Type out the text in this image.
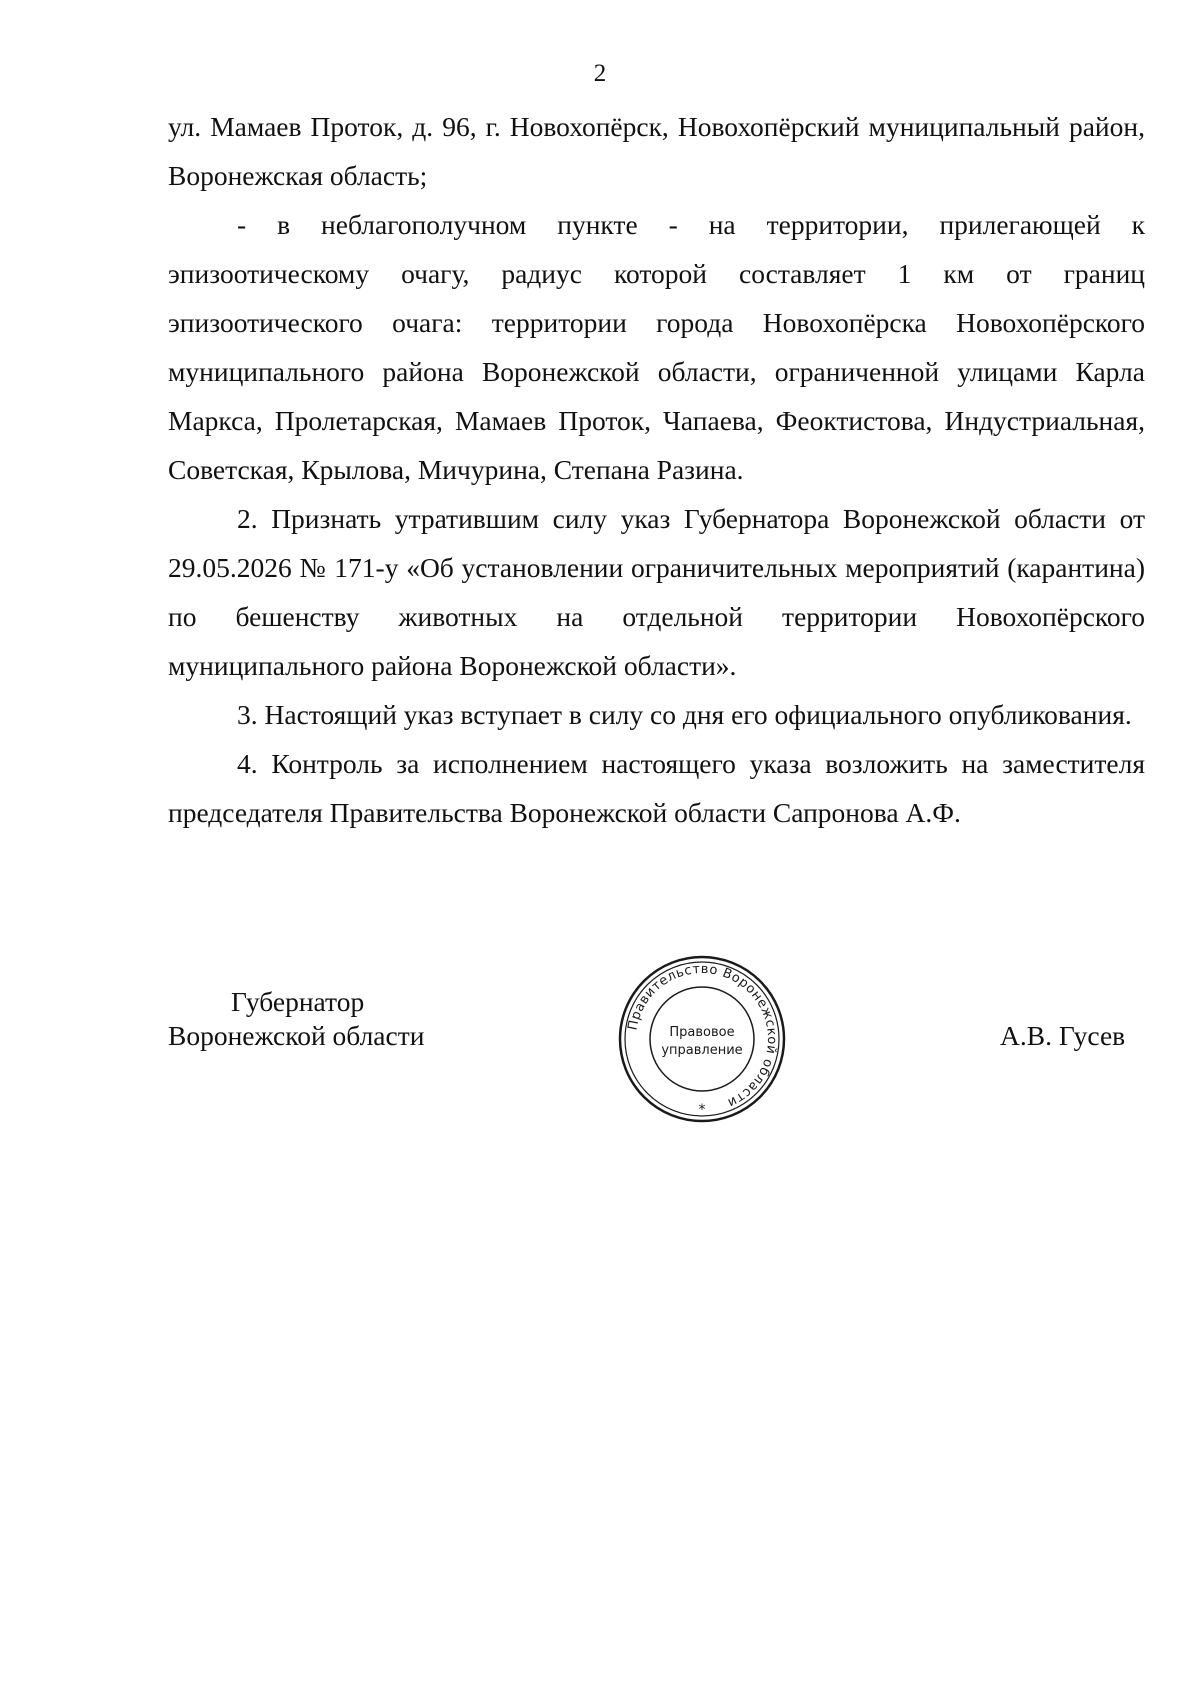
2

ул. Мамаев Проток, д. 96, г. Новохопёрск, Новохопёрский муниципальный район, Воронежская область;

- в неблагополучном пункте - на территории, прилегающей к эпизоотическому очагу, радиус которой составляет 1 км от границ эпизоотического очага: территории города Новохопёрска Новохопёрского муниципального района Воронежской области, ограниченной улицами Карла Маркса, Пролетарская, Мамаев Проток, Чапаева, Феоктистова, Индустриальная, Советская, Крылова, Мичурина, Степана Разина.

2. Признать утратившим силу указ Губернатора Воронежской области от 29.05.2026 № 171-у «Об установлении ограничительных мероприятий (карантина) по бешенству животных на отдельной территории Новохопёрского муниципального района Воронежской области».

3. Настоящий указ вступает в силу со дня его официального опубликования.

4. Контроль за исполнением настоящего указа возложить на заместителя председателя Правительства Воронежской области Сапронова А.Ф.

Губернатор
Воронежской области	А.В. Гусев
Правительство Воронежской области
Правовое
управление
*
